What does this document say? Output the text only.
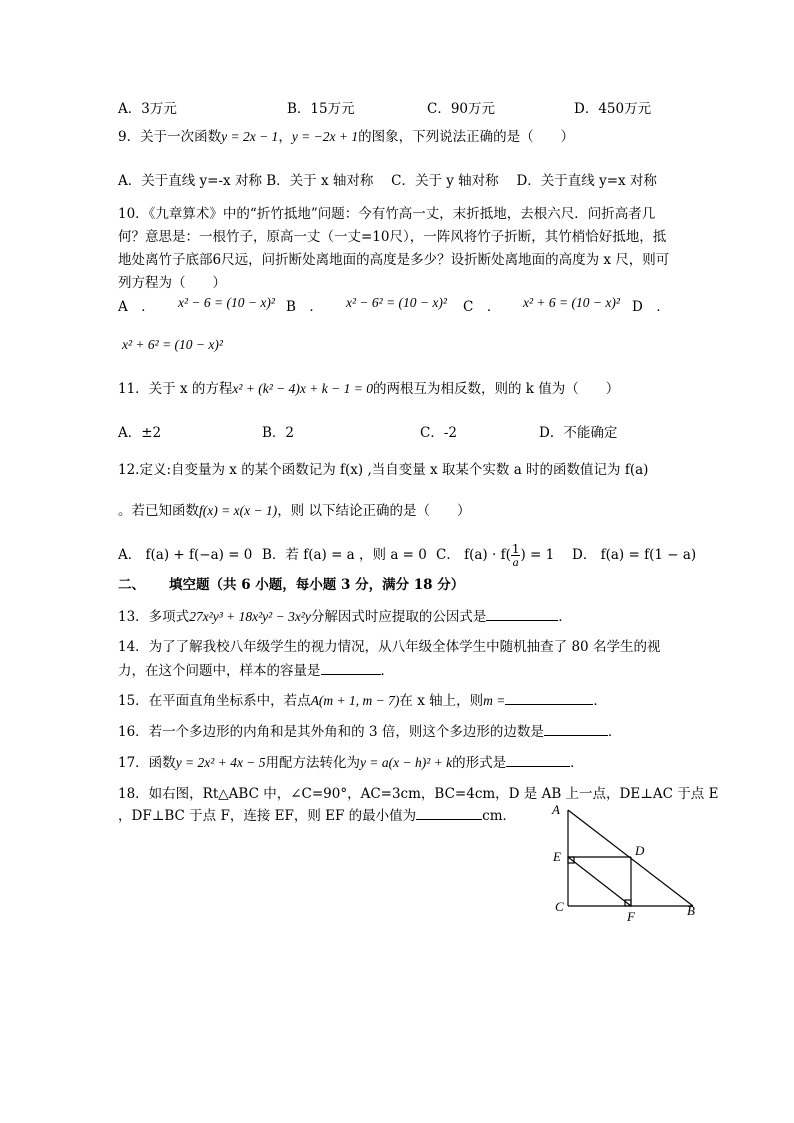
A．3万元	B．15万元	C．90万元	D．450万元
9．关于一次函数y = 2x − 1，y = −2x + 1的图象，下列说法正确的是（　　）
A．关于直线 y=-x 对称 B．关于 x 轴对称　 C．关于 y 轴对称　 D．关于直线 y=x 对称
10．《九章算术》中的“折竹抵地”问题：今有竹高一丈，末折抵地，去根六尺．问折高者几何？意思是：一根竹子，原高一丈（一丈=10尺），一阵风将竹子折断，其竹梢恰好抵地，抵地处离竹子底部6尺远，问折断处离地面的高度是多少？设折断处离地面的高度为 x 尺，则可列方程为（　　）
A　． x² − 6 = (10 − x)² B　． x² − 6² = (10 − x)² C　． x² + 6 = (10 − x)² D　．
x² + 6² = (10 − x)²
11．关于 x 的方程x² + (k² − 4)x + k − 1 = 0的两根互为相反数，则的 k 值为（　　）
A．±2	B．2	C．-2	D．不能确定
12.定义:自变量为 x 的某个函数记为 f(x) ,当自变量 x 取某个实数 a 时的函数值记为 f(a)
。若已知函数f(x) = x(x − 1)，则 以下结论正确的是（　　）
A． f(a) + f(−a) = 0 B．若 f(a) = a ，则 a = 0 C． $f(a) \cdot f( \frac{1}{a}$ ) = 1 D． f(a) = f(1 − a)
二、 填空题（共 6 小题，每小题 3 分，满分 18 分）
13．多项式27x²y³ + 18x²y² − 3x²y分解因式时应提取的公因式是	．
14．为了了解我校八年级学生的视力情况，从八年级全体学生中随机抽查了 80 名学生的视
力，在这个问题中，样本的容量是	．
15．在平面直角坐标系中，若点A(m + 1, m − 7)在 x 轴上，则m =	．
16．若一个多边形的内角和是其外角和的 3 倍，则这个多边形的边数是	．
17．函数y = 2x² + 4x − 5用配方法转化为y = a(x − h)² + k的形式是	．
18．如右图，Rt△ABC 中，∠C=90°，AC=3cm，BC=4cm，D 是 AB 上一点，DE⊥AC 于点 E
，DF⊥BC 于点 F，连接 EF，则 EF 的最小值为	cm．	A
E	D
C
F	B
